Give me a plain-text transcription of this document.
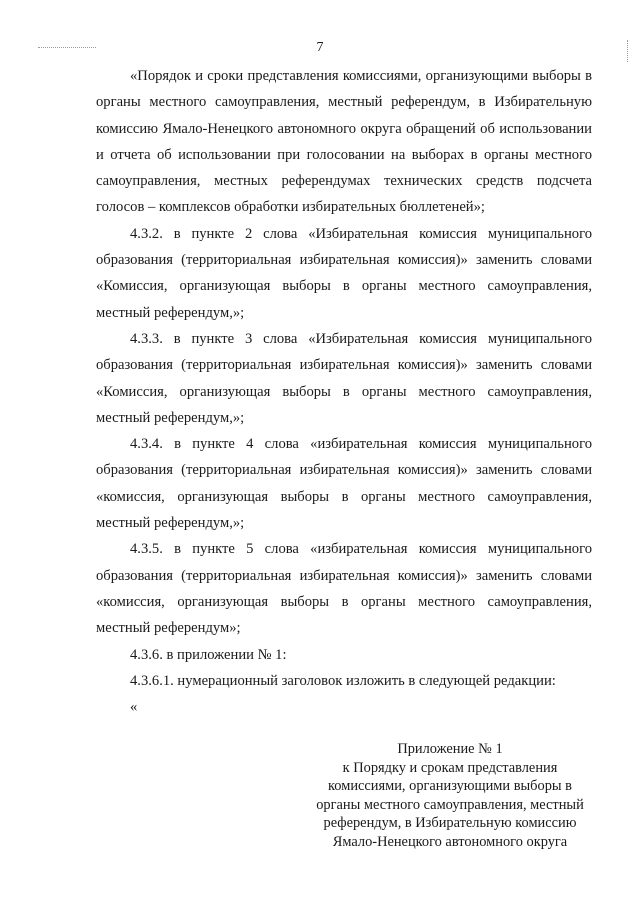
7

«Порядок и сроки представления комиссиями, организующими выборы в органы местного самоуправления, местный референдум, в Избирательную комиссию Ямало-Ненецкого автономного округа обращений об использовании и отчета об использовании при голосовании на выборах в органы местного самоуправления, местных референдумах технических средств подсчета голосов – комплексов обработки избирательных бюллетеней»;

4.3.2. в пункте 2 слова «Избирательная комиссия муниципального образования (территориальная избирательная комиссия)» заменить словами «Комиссия, организующая выборы в органы местного самоуправления, местный референдум,»;

4.3.3. в пункте 3 слова «Избирательная комиссия муниципального образования (территориальная избирательная комиссия)» заменить словами «Комиссия, организующая выборы в органы местного самоуправления, местный референдум,»;

4.3.4. в пункте 4 слова «избирательная комиссия муниципального образования (территориальная избирательная комиссия)» заменить словами «комиссия, организующая выборы в органы местного самоуправления, местный референдум,»;

4.3.5. в пункте 5 слова «избирательная комиссия муниципального образования (территориальная избирательная комиссия)» заменить словами «комиссия, организующая выборы в органы местного самоуправления, местный референдум»;

4.3.6. в приложении № 1:

4.3.6.1. нумерационный заголовок изложить в следующей редакции:

«

Приложение № 1
к Порядку и срокам представления
комиссиями, организующими выборы в
органы местного самоуправления, местный
референдум, в Избирательную комиссию
Ямало-Ненецкого автономного округа
